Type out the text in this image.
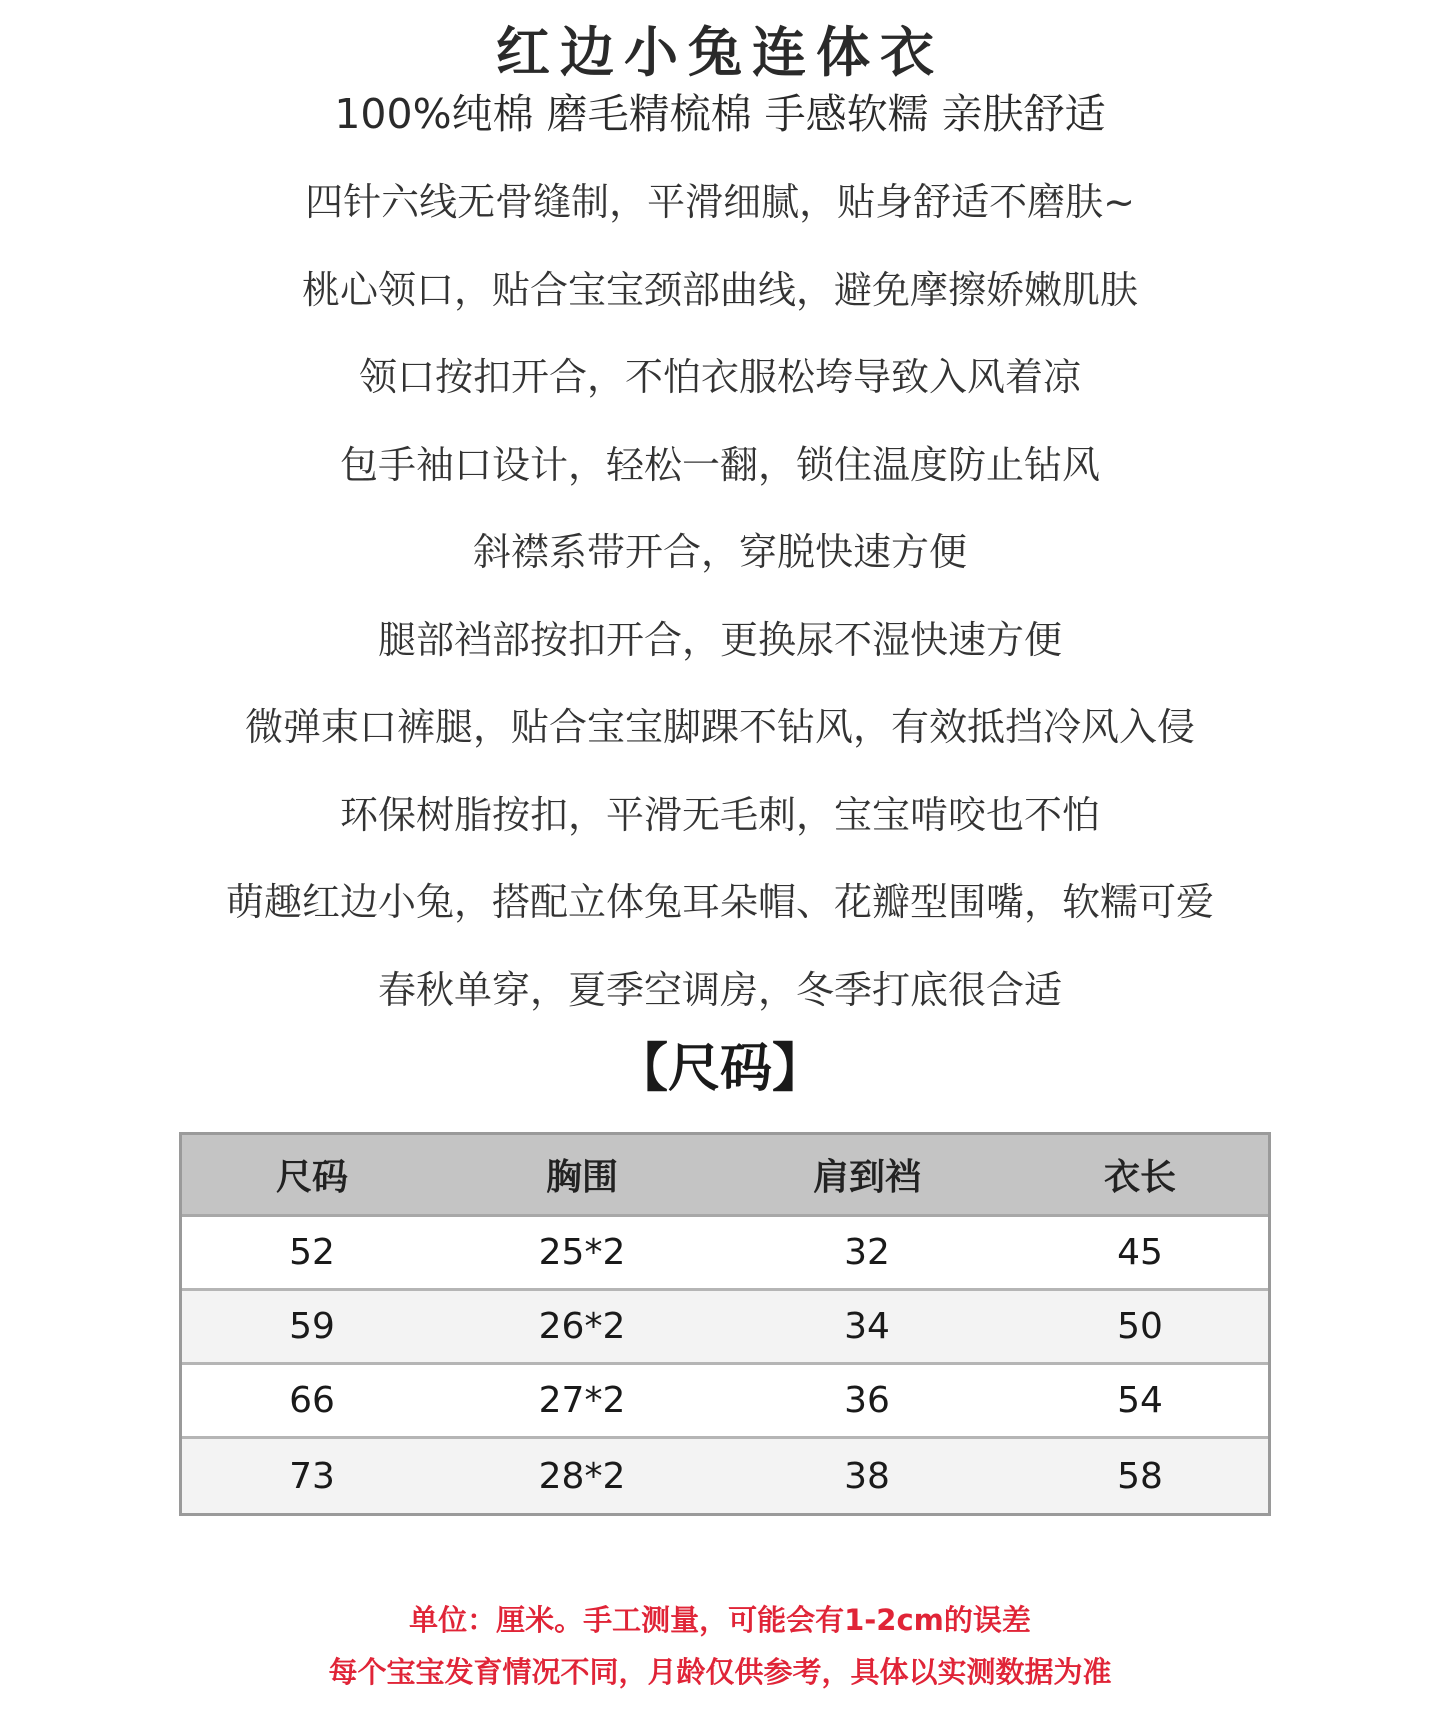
红边小兔连体衣
100%纯棉 磨毛精梳棉 手感软糯 亲肤舒适
四针六线无骨缝制，平滑细腻，贴身舒适不磨肤~
桃心领口，贴合宝宝颈部曲线，避免摩擦娇嫩肌肤
领口按扣开合，不怕衣服松垮导致入风着凉
包手袖口设计，轻松一翻，锁住温度防止钻风
斜襟系带开合，穿脱快速方便
腿部裆部按扣开合，更换尿不湿快速方便
微弹束口裤腿，贴合宝宝脚踝不钻风，有效抵挡冷风入侵
环保树脂按扣，平滑无毛刺，宝宝啃咬也不怕
萌趣红边小兔，搭配立体兔耳朵帽、花瓣型围嘴，软糯可爱
春秋单穿，夏季空调房，冬季打底很合适
【尺码】
尺码	胸围	肩到裆	衣长
52	25*2	32	45
59	26*2	34	50
66	27*2	36	54
73	28*2	38	58
单位：厘米。手工测量，可能会有1-2cm的误差
每个宝宝发育情况不同，月龄仅供参考，具体以实测数据为准
